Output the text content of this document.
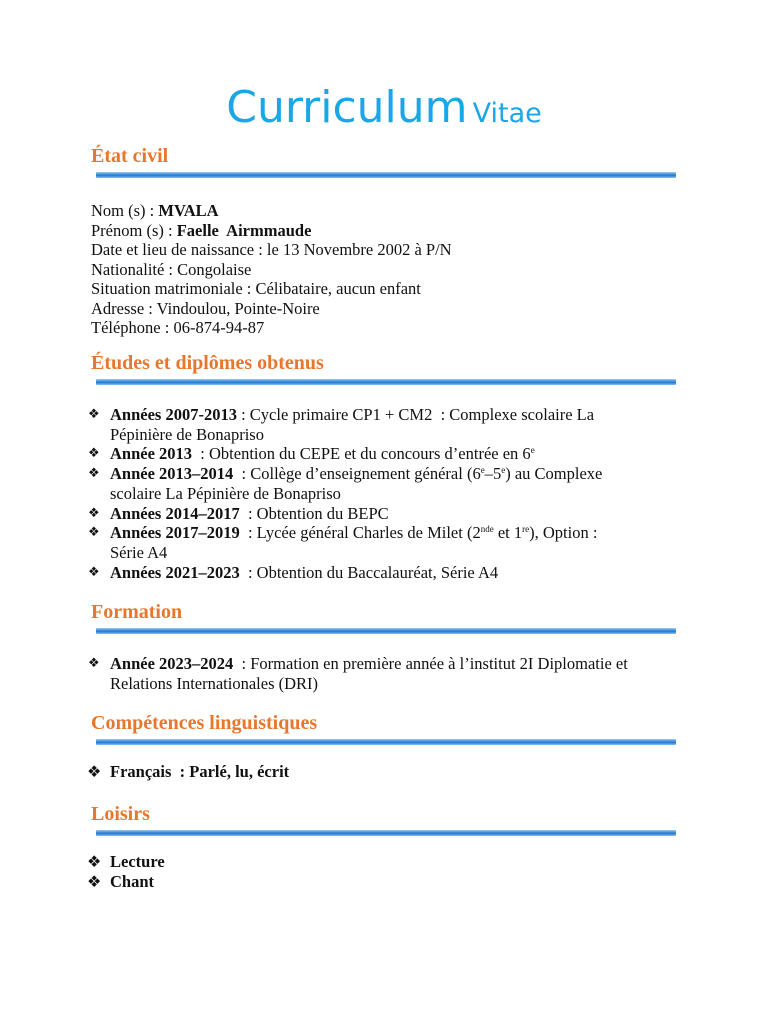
Curriculum Vitae
État civil
Nom (s) : MVALA
Prénom (s) : Faelle  Airmmaude
Date et lieu de naissance : le 13 Novembre 2002 à P/N
Nationalité : Congolaise
Situation matrimoniale : Célibataire, aucun enfant
Adresse : Vindoulou, Pointe-Noire
Téléphone : 06-874-94-87
Études et diplômes obtenus
❖ Années 2007-2013 : Cycle primaire CP1 + CM2  : Complexe scolaire La
Pépinière de Bonapriso
❖ Année 2013  : Obtention du CEPE et du concours d’entrée en 6e
❖ Année 2013–2014  : Collège d’enseignement général (6e–5e) au Complexe
scolaire La Pépinière de Bonapriso
❖ Années 2014–2017  : Obtention du BEPC
❖ Années 2017–2019  : Lycée général Charles de Milet (2nde et 1re), Option :
Série A4
❖ Années 2021–2023  : Obtention du Baccalauréat, Série A4
Formation
❖ Année 2023–2024  : Formation en première année à l’institut 2I Diplomatie et
Relations Internationales (DRI)
Compétences linguistiques
❖ Français  : Parlé, lu, écrit
Loisirs
❖ Lecture
❖ Chant
